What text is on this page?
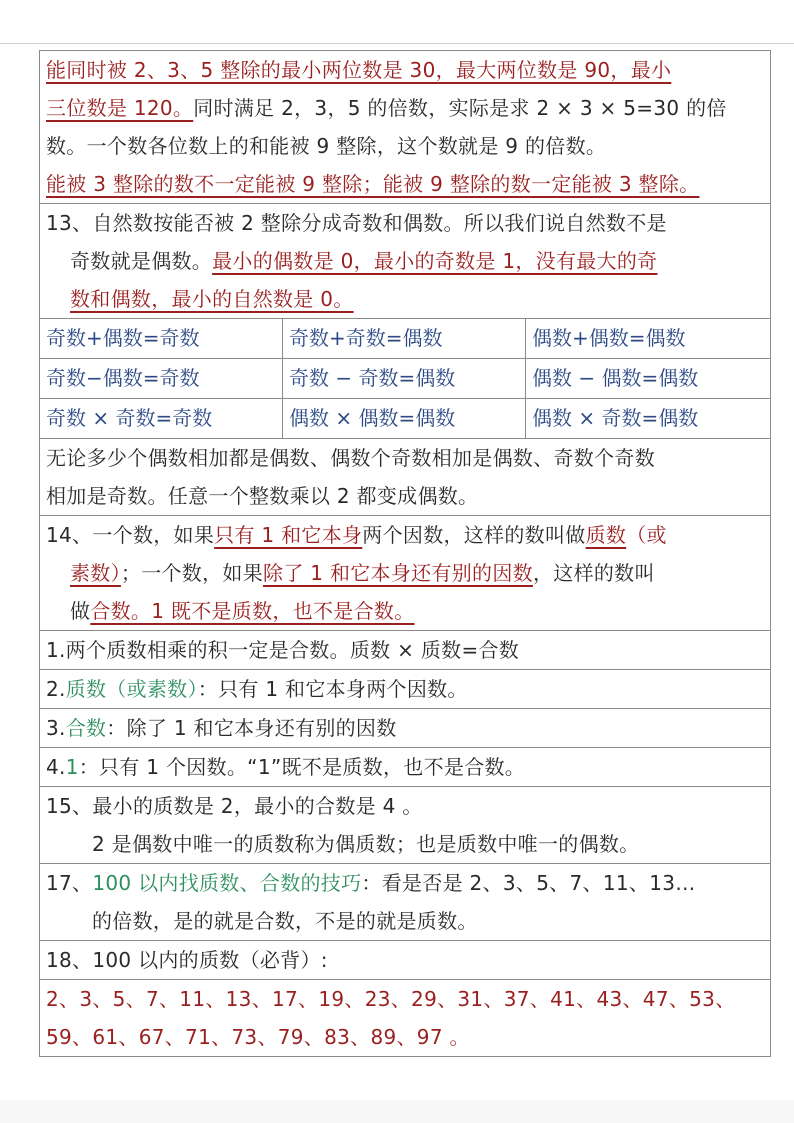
能同时被 2、3、5 整除的最小两位数是 30，最大两位数是 90，最小
三位数是 120。同时满足 2，3，5 的倍数，实际是求 2 × 3 × 5=30 的倍
数。一个数各位数上的和能被 9 整除，这个数就是 9 的倍数。
能被 3 整除的数不一定能被 9 整除；能被 9 整除的数一定能被 3 整除。
13、自然数按能否被 2 整除分成奇数和偶数。所以我们说自然数不是
奇数就是偶数。最小的偶数是 0，最小的奇数是 1，没有最大的奇
数和偶数，最小的自然数是 0。
奇数+偶数=奇数	奇数+奇数=偶数	偶数+偶数=偶数
奇数−偶数=奇数	奇数 − 奇数=偶数	偶数 − 偶数=偶数
奇数 × 奇数=奇数	偶数 × 偶数=偶数	偶数 × 奇数=偶数
无论多少个偶数相加都是偶数、偶数个奇数相加是偶数、奇数个奇数
相加是奇数。任意一个整数乘以 2 都变成偶数。
14、一个数，如果只有 1 和它本身两个因数，这样的数叫做质数（或
素数）；一个数，如果除了 1 和它本身还有别的因数，这样的数叫
做合数。1 既不是质数，也不是合数。
1.两个质数相乘的积一定是合数。质数 × 质数=合数
2.质数（或素数）：只有 1 和它本身两个因数。
3.合数：除了 1 和它本身还有别的因数
4.1：只有 1 个因数。“1”既不是质数，也不是合数。
15、最小的质数是 2，最小的合数是 4 。
2 是偶数中唯一的质数称为偶质数；也是质数中唯一的偶数。
17、100 以内找质数、合数的技巧：看是否是 2、3、5、7、11、13…
的倍数，是的就是合数，不是的就是质数。
18、100 以内的质数（必背）:
2、3、5、7、11、13、17、19、23、29、31、37、41、43、47、53、
59、61、67、71、73、79、83、89、97 。
